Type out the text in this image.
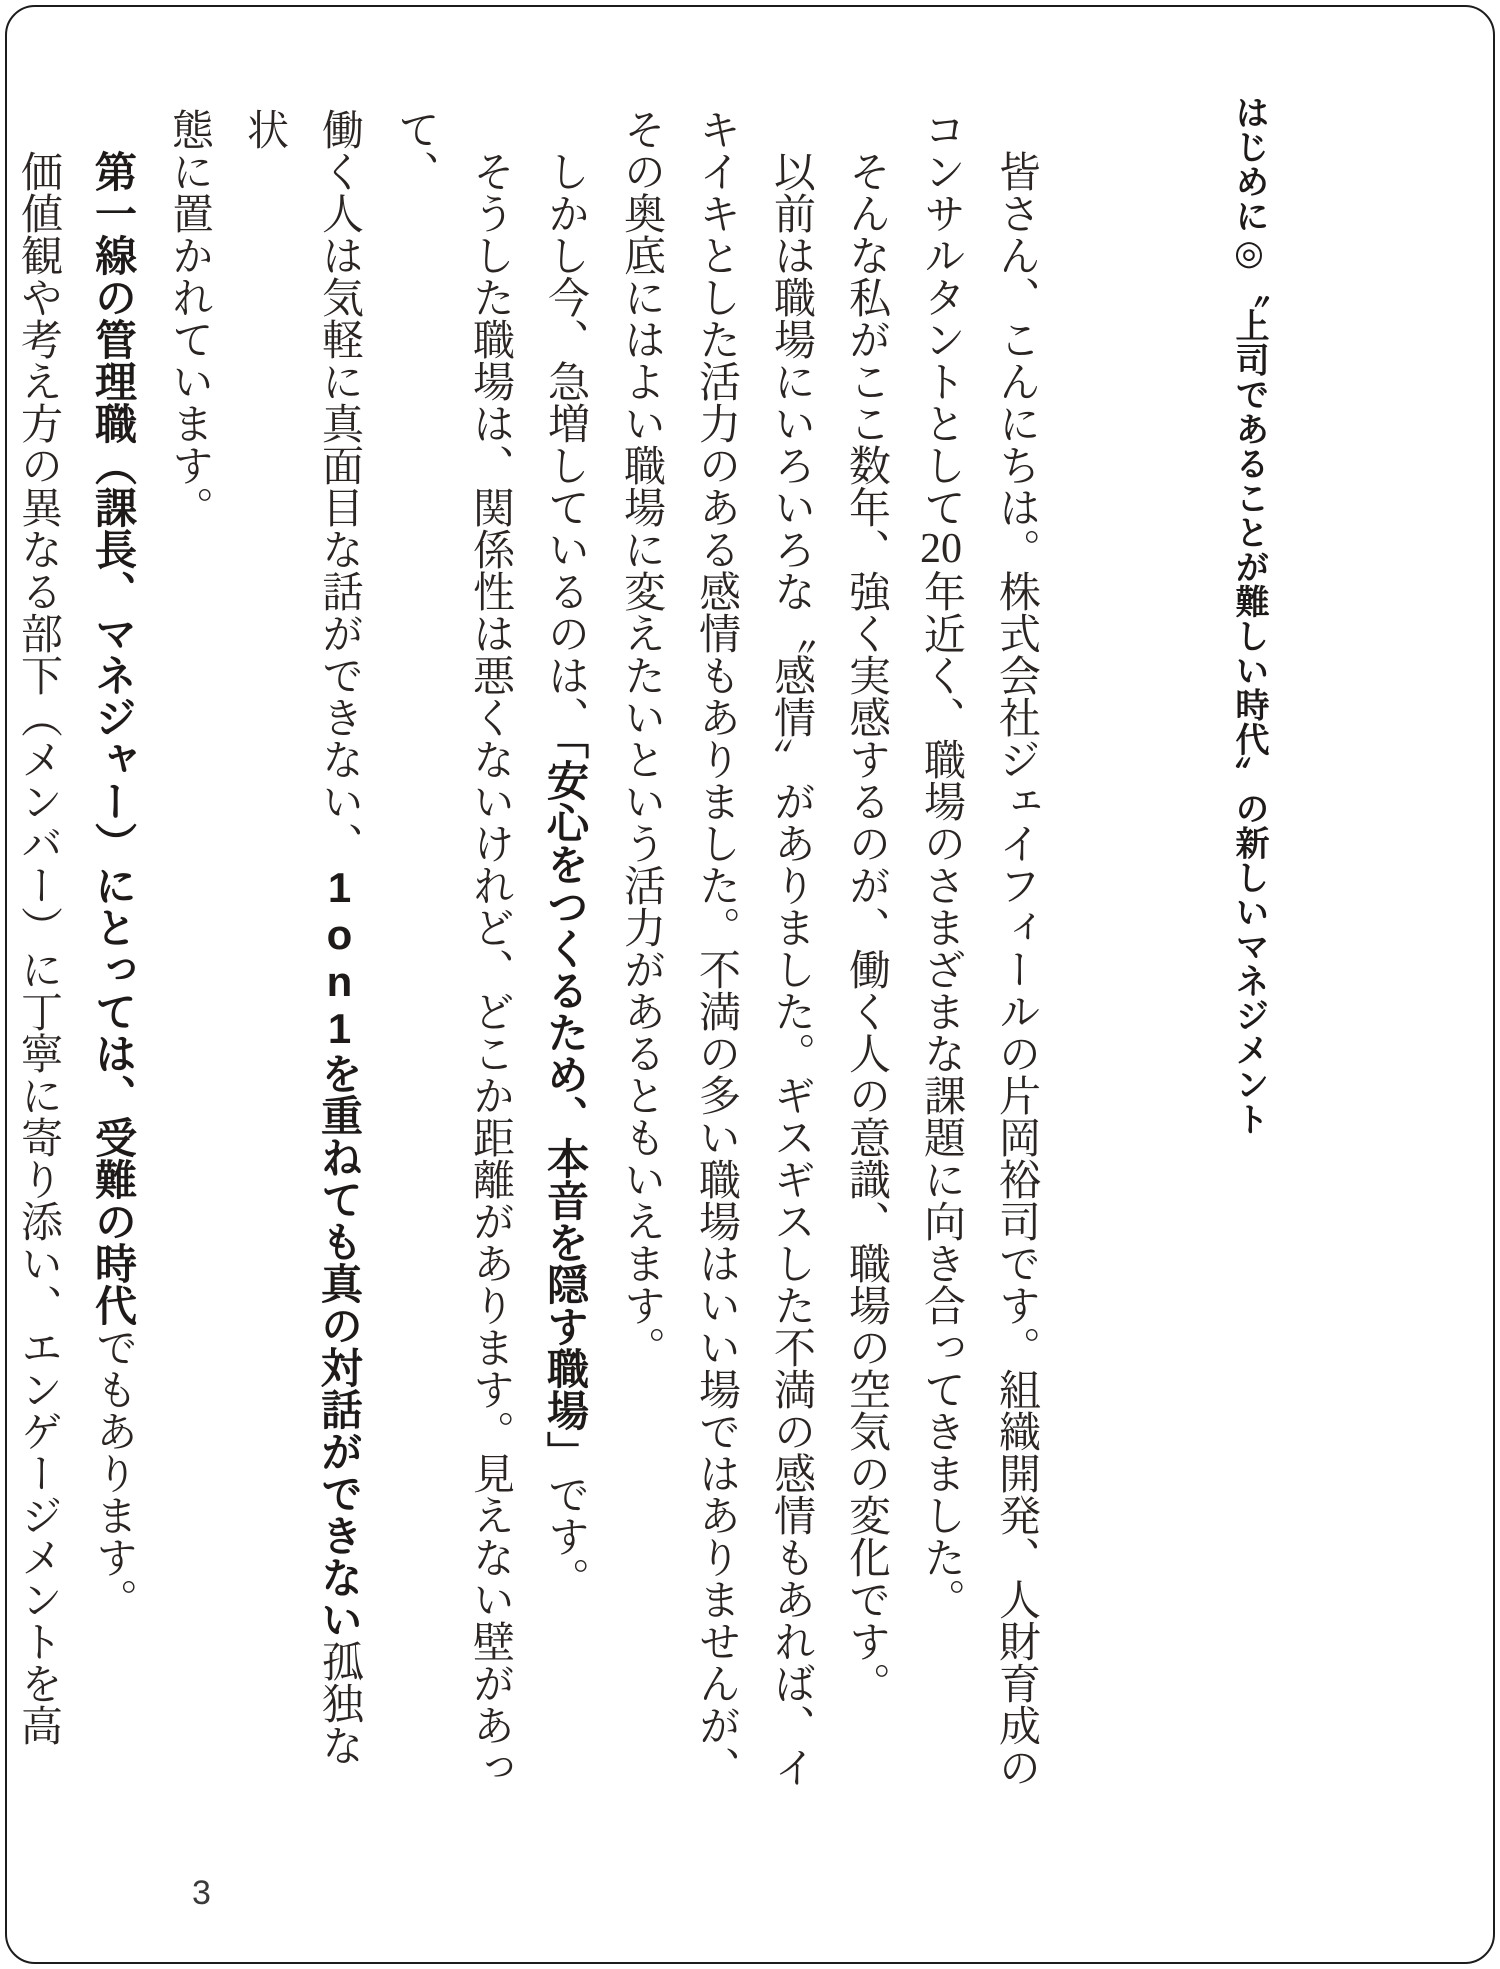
はじめに◎〝上司であることが難しい時代〟の新しいマネジメント

皆さん、こんにちは。株式会社ジェイフィールの片岡裕司です。組織開発、人財育成の

コンサルタントとして20年近く、職場のさまざまな課題に向き合ってきました。

そんな私がここ数年、強く実感するのが、働く人の意識、職場の空気の変化です。

以前は職場にいろいろな〝感情〟がありました。ギスギスした不満の感情もあれば、イ

キイキとした活力のある感情もありました。不満の多い職場はいい場ではありませんが、

その奥底にはよい職場に変えたいという活力があるともいえます。

しかし今、急増しているのは、「安心をつくるため、本音を隠す職場」です。

そうした職場は、関係性は悪くないけれど、どこか距離があります。見えない壁があって、

働く人は気軽に真面目な話ができない、1on1を重ねても真の対話ができない孤独な状

態に置かれています。

第一線の管理職（課長、マネジャー）にとっては、受難の時代でもあります。

価値観や考え方の異なる部下（メンバー）に丁寧に寄り添い、エンゲージメントを高

3
